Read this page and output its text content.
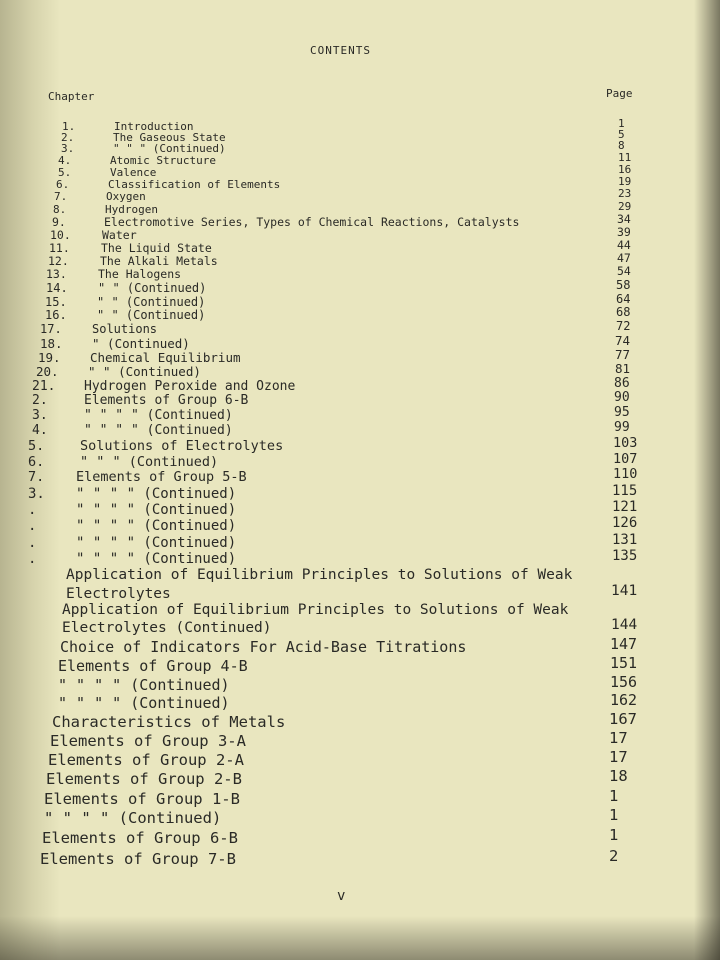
CONTENTS
Chapter	Page
1.	Introduction	1
2.	The Gaseous State	5
3.	" " " (Continued)	8
4.	Atomic Structure	11
5.	Valence	16
6.	Classification of Elements	19
7.	Oxygen	23
8.	Hydrogen	29
9.	Electromotive Series, Types of Chemical Reactions, Catalysts	34
10.	Water	39
11.	The Liquid State	44
12.	The Alkali Metals	47
13.	The Halogens	54
14.	" " (Continued)	58
15.	" " (Continued)	64
16.	" " (Continued)	68
17.	Solutions	72
18. " (Continued)	74
19. Chemical Equilibrium	77
20. " " (Continued)	81
21. Hydrogen Peroxide and Ozone	86
2.	Elements of Group 6-B	90
3.	" " " " (Continued)	95
4.	" " " " (Continued)	99
5.	Solutions of Electrolytes	103
6.	" " " (Continued)	107
7. Elements of Group 5-B	110
3. " " " " (Continued)	115
.	" " " " (Continued)	121
.	" " " " (Continued)	126
.	" " " " (Continued)	131
.	" " " " (Continued)	135
Application of Equilibrium Principles to Solutions of Weak
Electrolytes	141
Application of Equilibrium Principles to Solutions of Weak
Electrolytes (Continued)	144
Choice of Indicators For Acid-Base Titrations	147
Elements of Group 4-B	151
" " " " (Continued)	156
" " " " (Continued)	162
Characteristics of Metals	167
Elements of Group 3-A	17
Elements of Group 2-A	17
Elements of Group 2-B	18
Elements of Group 1-B	1
" " " " (Continued)	1
Elements of Group 6-B	1
Elements of Group 7-B	2
v
